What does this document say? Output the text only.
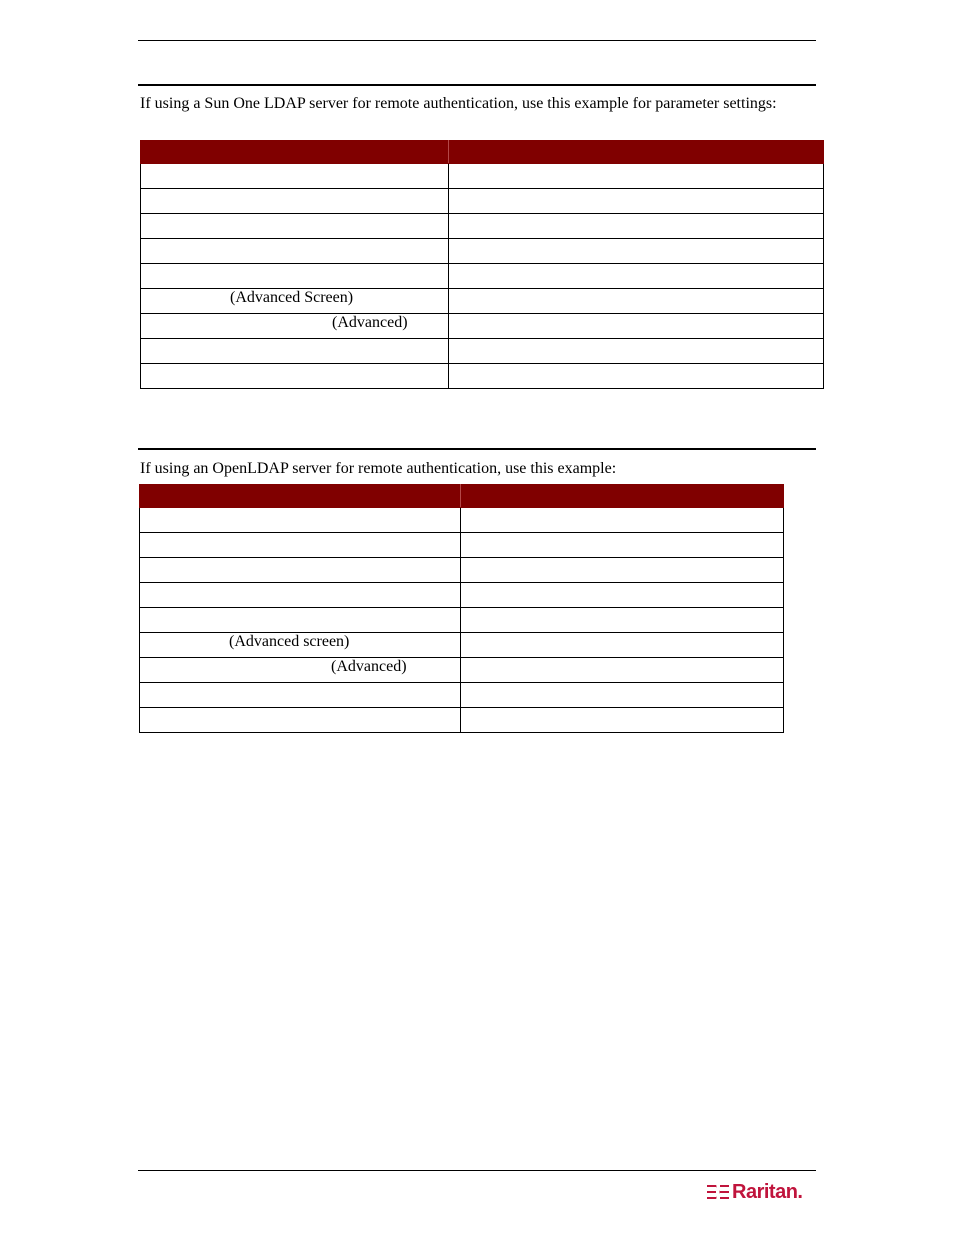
If using a Sun One LDAP server for remote authentication, use this example for parameter settings:

(Advanced Screen)	
(Advanced)	

If using an OpenLDAP server for remote authentication, use this example:

(Advanced screen)	
(Advanced)	

Raritan.
